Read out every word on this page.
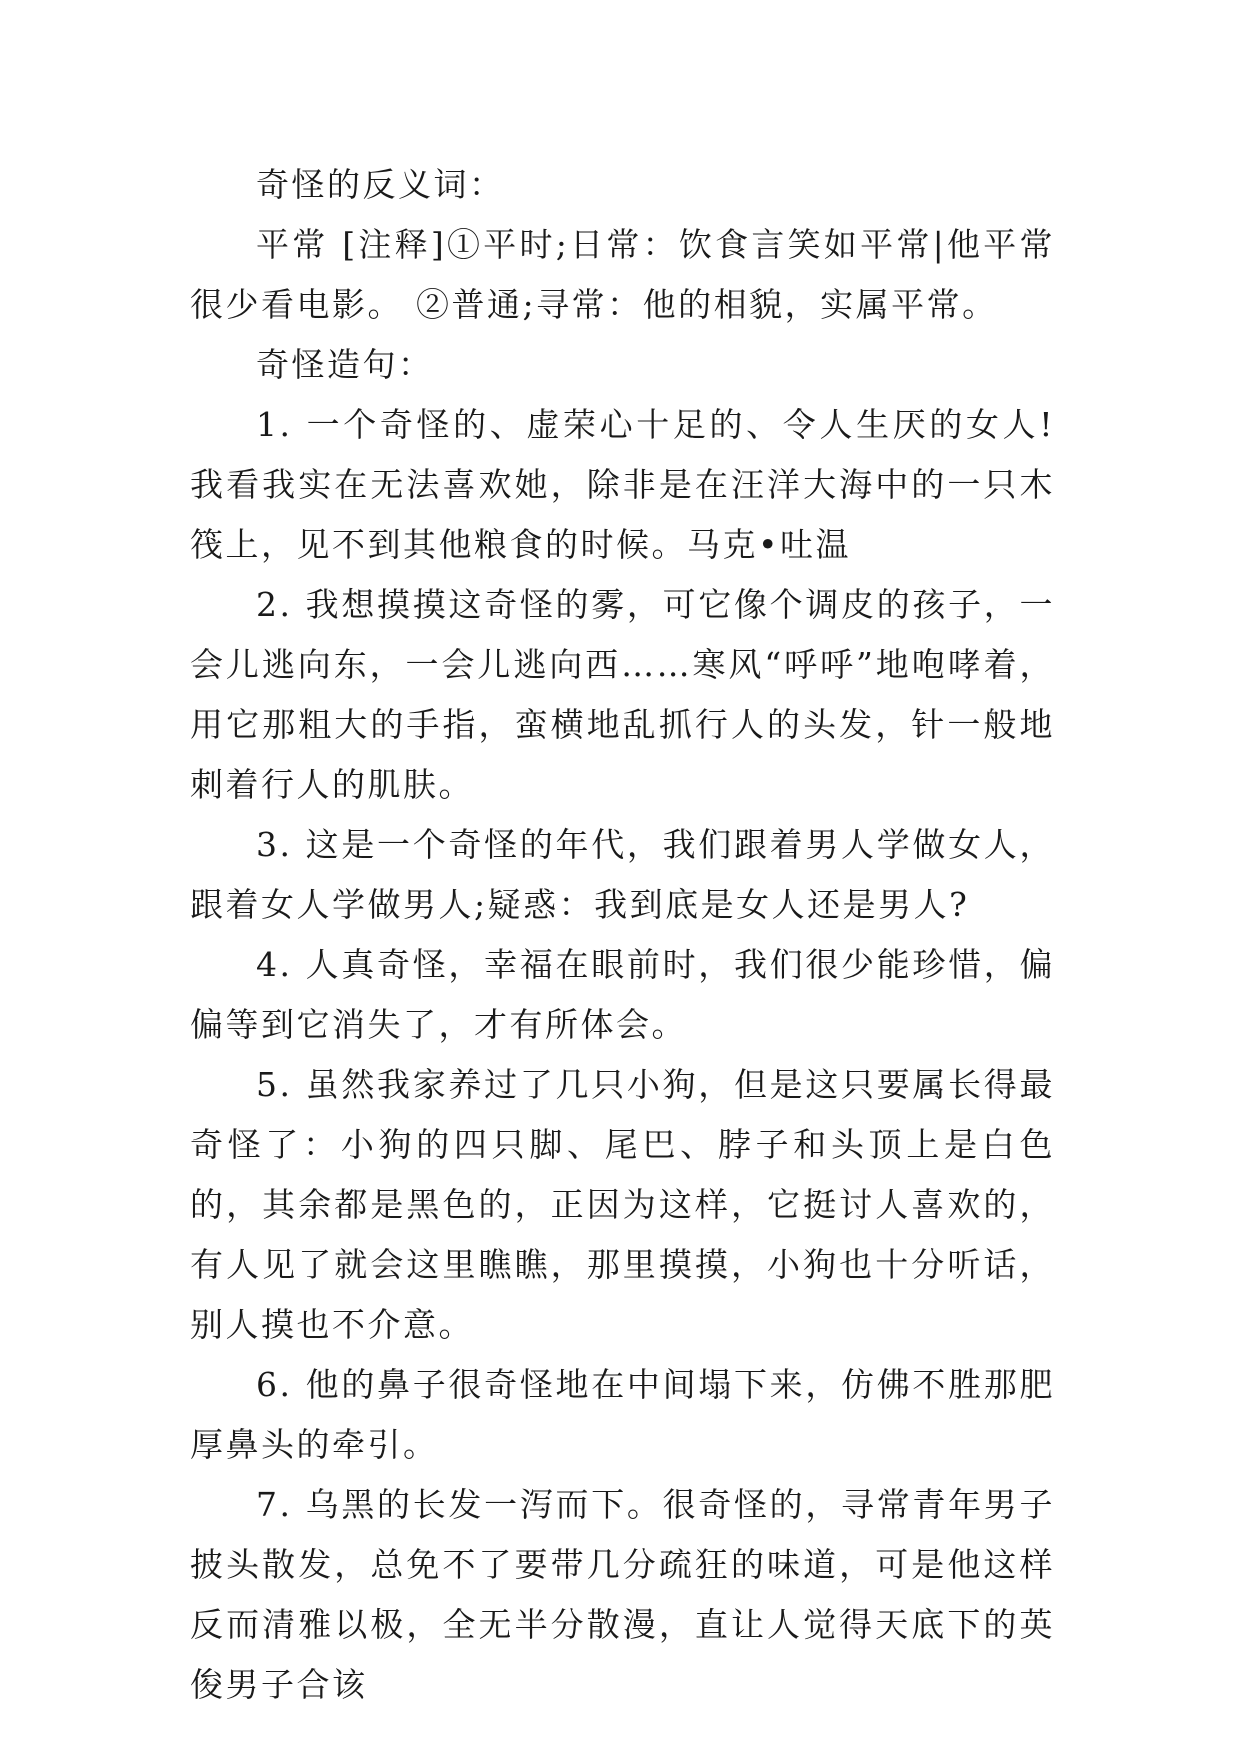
奇怪的反义词：

平常 [注释]①平时;日常：饮食言笑如平常|他平常很少看电影。 ②普通;寻常：他的相貌，实属平常。

奇怪造句：

1. 一个奇怪的、虚荣心十足的、令人生厌的女人!我看我实在无法喜欢她，除非是在汪洋大海中的一只木筏上，见不到其他粮食的时候。马克•吐温

2. 我想摸摸这奇怪的雾，可它像个调皮的孩子，一会儿逃向东，一会儿逃向西……寒风“呼呼”地咆哮着，用它那粗大的手指，蛮横地乱抓行人的头发，针一般地刺着行人的肌肤。

3. 这是一个奇怪的年代，我们跟着男人学做女人，跟着女人学做男人;疑惑：我到底是女人还是男人?

4. 人真奇怪，幸福在眼前时，我们很少能珍惜，偏偏等到它消失了，才有所体会。

5. 虽然我家养过了几只小狗，但是这只要属长得最奇怪了：小狗的四只脚、尾巴、脖子和头顶上是白色的，其余都是黑色的，正因为这样，它挺讨人喜欢的，有人见了就会这里瞧瞧，那里摸摸，小狗也十分听话，别人摸也不介意。

6. 他的鼻子很奇怪地在中间塌下来，仿佛不胜那肥厚鼻头的牵引。

7. 乌黑的长发一泻而下。很奇怪的，寻常青年男子披头散发，总免不了要带几分疏狂的味道，可是他这样反而清雅以极，全无半分散漫，直让人觉得天底下的英俊男子合该
